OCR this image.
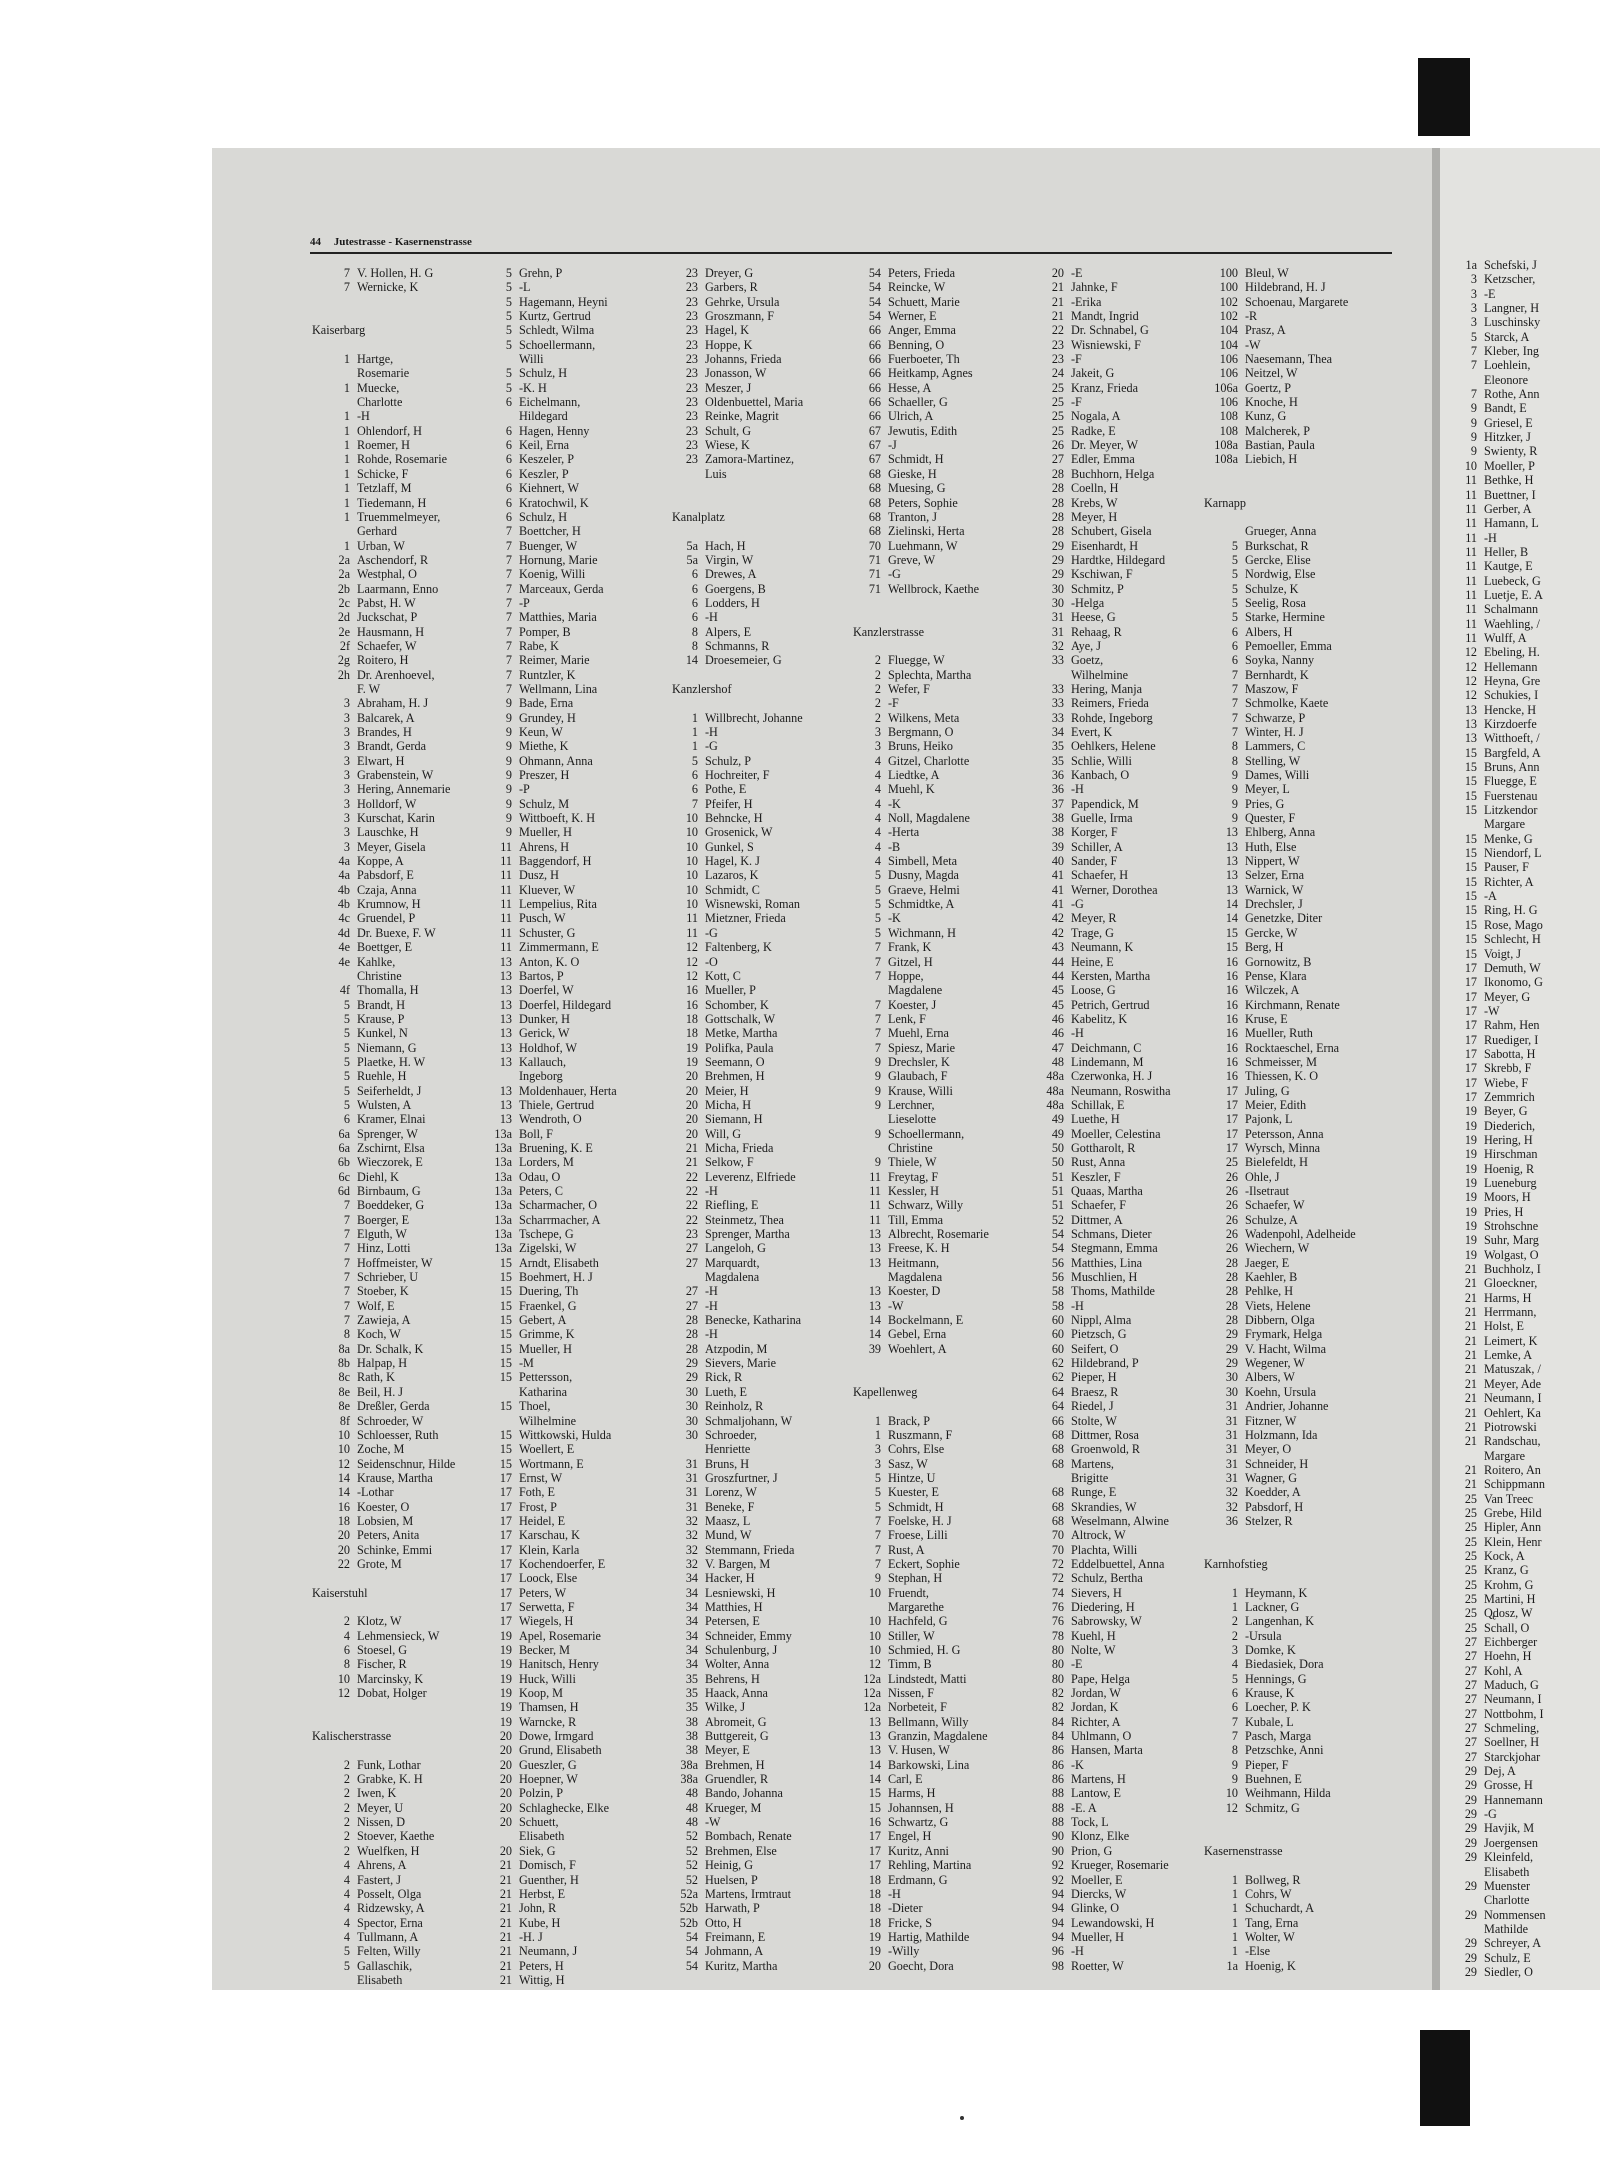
44 Jutestrasse - Kasernenstrasse
7 V. Hollen, H. G
7 Wernicke, K
Kaiserbarg
1 Hartge,
Rosemarie
1 Muecke,
Charlotte
1 -H
1 Ohlendorf, H
1 Roemer, H
1 Rohde, Rosemarie
1 Schicke, F
1 Tetzlaff, M
1 Tiedemann, H
1 Truemmelmeyer,
Gerhard
1 Urban, W
2a Aschendorf, R
2a Westphal, O
2b Laarmann, Enno
2c Pabst, H. W
2d Juckschat, P
2e Hausmann, H
2f Schaefer, W
2g Roitero, H
2h Dr. Arenhoevel,
F. W
3 Abraham, H. J
3 Balcarek, A
3 Brandes, H
3 Brandt, Gerda
3 Elwart, H
3 Grabenstein, W
3 Hering, Annemarie
3 Holldorf, W
3 Kurschat, Karin
3 Lauschke, H
3 Meyer, Gisela
4a Koppe, A
4a Pabsdorf, E
4b Czaja, Anna
4b Krumnow, H
4c Gruendel, P
4d Dr. Buexe, F. W
4e Boettger, E
4e Kahlke,
Christine
4f Thomalla, H
5 Brandt, H
5 Krause, P
5 Kunkel, N
5 Niemann, G
5 Plaetke, H. W
5 Ruehle, H
5 Seiferheldt, J
5 Wulsten, A
6 Kramer, Elnai
6a Sprenger, W
6a Zschirnt, Elsa
6b Wieczorek, E
6c Diehl, K
6d Birnbaum, G
7 Boeddeker, G
7 Boerger, E
7 Elguth, W
7 Hinz, Lotti
7 Hoffmeister, W
7 Schrieber, U
7 Stoeber, K
7 Wolf, E
7 Zawieja, A
8 Koch, W
8a Dr. Schalk, K
8b Halpap, H
8c Rath, K
8e Beil, H. J
8e Dreßler, Gerda
8f Schroeder, W
10 Schloesser, Ruth
10 Zoche, M
12 Seidenschnur, Hilde
14 Krause, Martha
14 -Lothar
16 Koester, O
18 Lobsien, M
20 Peters, Anita
20 Schinke, Emmi
22 Grote, M
Kaiserstuhl
2 Klotz, W
4 Lehmensieck, W
6 Stoesel, G
8 Fischer, R
10 Marcinsky, K
12 Dobat, Holger
Kalischerstrasse
2 Funk, Lothar
2 Grabke, K. H
2 Iwen, K
2 Meyer, U
2 Nissen, D
2 Stoever, Kaethe
2 Wuelfken, H
4 Ahrens, A
4 Fastert, J
4 Posselt, Olga
4 Ridzewsky, A
4 Spector, Erna
4 Tullmann, A
5 Felten, Willy
5 Gallaschik,
Elisabeth
5 Grehn, P
5 -L
5 Hagemann, Heyni
5 Kurtz, Gertrud
5 Schledt, Wilma
5 Schoellermann,
Willi
5 Schulz, H
5 -K. H
6 Eichelmann,
Hildegard
6 Hagen, Henny
6 Keil, Erna
6 Keszeler, P
6 Keszler, P
6 Kiehnert, W
6 Kratochwil, K
6 Schulz, H
7 Boettcher, H
7 Buenger, W
7 Hornung, Marie
7 Koenig, Willi
7 Marceaux, Gerda
7 -P
7 Matthies, Maria
7 Pomper, B
7 Rabe, K
7 Reimer, Marie
7 Runtzler, K
7 Wellmann, Lina
9 Bade, Erna
9 Grundey, H
9 Keun, W
9 Miethe, K
9 Ohmann, Anna
9 Preszer, H
9 -P
9 Schulz, M
9 Wittboeft, K. H
9 Mueller, H
11 Ahrens, H
11 Baggendorf, H
11 Dusz, H
11 Kluever, W
11 Lempelius, Rita
11 Pusch, W
11 Schuster, G
11 Zimmermann, E
13 Anton, K. O
13 Bartos, P
13 Doerfel, W
13 Doerfel, Hildegard
13 Dunker, H
13 Gerick, W
13 Holdhof, W
13 Kallauch,
Ingeborg
13 Moldenhauer, Herta
13 Thiele, Gertrud
13 Wendroth, O
13a Boll, F
13a Bruening, K. E
13a Lorders, M
13a Odau, O
13a Peters, C
13a Scharmacher, O
13a Scharrmacher, A
13a Tschepe, G
13a Zigelski, W
15 Arndt, Elisabeth
15 Boehmert, H. J
15 Duering, Th
15 Fraenkel, G
15 Gebert, A
15 Grimme, K
15 Mueller, H
15 -M
15 Pettersson,
Katharina
15 Thoel,
Wilhelmine
15 Wittkowski, Hulda
15 Woellert, E
15 Wortmann, E
17 Ernst, W
17 Foth, E
17 Frost, P
17 Heidel, E
17 Karschau, K
17 Klein, Karla
17 Kochendoerfer, E
17 Loock, Else
17 Peters, W
17 Serwetta, F
17 Wiegels, H
19 Apel, Rosemarie
19 Becker, M
19 Hanitsch, Henry
19 Huck, Willi
19 Koop, M
19 Thamsen, H
19 Warncke, R
20 Dowe, Irmgard
20 Grund, Elisabeth
20 Gueszler, G
20 Hoepner, W
20 Polzin, P
20 Schlaghecke, Elke
20 Schuett,
Elisabeth
20 Siek, G
21 Domisch, F
21 Guenther, H
21 Herbst, E
21 John, R
21 Kube, H
21 -H. J
21 Neumann, J
21 Peters, H
21 Wittig, H
23 Dreyer, G
23 Garbers, R
23 Gehrke, Ursula
23 Groszmann, F
23 Hagel, K
23 Hoppe, K
23 Johanns, Frieda
23 Jonasson, W
23 Meszer, J
23 Oldenbuettel, Maria
23 Reinke, Magrit
23 Schult, G
23 Wiese, K
23 Zamora-Martinez,
Luis
Kanalplatz
5a Hach, H
5a Virgin, W
6 Drewes, A
6 Goergens, B
6 Lodders, H
6 -H
8 Alpers, E
8 Schmanns, R
14 Droesemeier, G
Kanzlershof
1 Willbrecht, Johanne
1 -H
1 -G
5 Schulz, P
6 Hochreiter, F
6 Pothe, E
7 Pfeifer, H
10 Behncke, H
10 Grosenick, W
10 Gunkel, S
10 Hagel, K. J
10 Lazaros, K
10 Schmidt, C
10 Wisnewski, Roman
11 Mietzner, Frieda
11 -G
12 Faltenberg, K
12 -O
12 Kott, C
16 Mueller, P
16 Schomber, K
18 Gottschalk, W
18 Metke, Martha
19 Polifka, Paula
19 Seemann, O
20 Brehmen, H
20 Meier, H
20 Micha, H
20 Siemann, H
20 Will, G
21 Micha, Frieda
21 Selkow, F
22 Leverenz, Elfriede
22 -H
22 Riefling, E
22 Steinmetz, Thea
23 Sprenger, Martha
27 Langeloh, G
27 Marquardt,
Magdalena
27 -H
27 -H
28 Benecke, Katharina
28 -H
28 Atzpodin, M
29 Sievers, Marie
29 Rick, R
30 Lueth, E
30 Reinholz, R
30 Schmaljohann, W
30 Schroeder,
Henriette
31 Bruns, H
31 Groszfurtner, J
31 Lorenz, W
31 Beneke, F
32 Maasz, L
32 Mund, W
32 Stemmann, Frieda
32 V. Bargen, M
34 Hacker, H
34 Lesniewski, H
34 Matthies, H
34 Petersen, E
34 Schneider, Emmy
34 Schulenburg, J
34 Wolter, Anna
35 Behrens, H
35 Haack, Anna
35 Wilke, J
38 Abromeit, G
38 Buttgereit, G
38 Meyer, E
38a Brehmen, H
38a Gruendler, R
48 Bando, Johanna
48 Krueger, M
48 -W
52 Bombach, Renate
52 Brehmen, Else
52 Heinig, G
52 Huelsen, P
52a Martens, Irmtraut
52b Harwath, P
52b Otto, H
54 Freimann, E
54 Johmann, A
54 Kuritz, Martha
54 Peters, Frieda
54 Reincke, W
54 Schuett, Marie
54 Werner, E
66 Anger, Emma
66 Benning, O
66 Fuerboeter, Th
66 Heitkamp, Agnes
66 Hesse, A
66 Schaeller, G
66 Ulrich, A
67 Jewutis, Edith
67 -J
67 Schmidt, H
68 Gieske, H
68 Muesing, G
68 Peters, Sophie
68 Tranton, J
68 Zielinski, Herta
70 Luehmann, W
71 Greve, W
71 -G
71 Wellbrock, Kaethe
Kanzlerstrasse
2 Fluegge, W
2 Splechta, Martha
2 Wefer, F
2 -F
2 Wilkens, Meta
3 Bergmann, O
3 Bruns, Heiko
4 Gitzel, Charlotte
4 Liedtke, A
4 Muehl, K
4 -K
4 Noll, Magdalene
4 -Herta
4 -B
4 Simbell, Meta
5 Dusny, Magda
5 Graeve, Helmi
5 Schmidtke, A
5 -K
5 Wichmann, H
7 Frank, K
7 Gitzel, H
7 Hoppe,
Magdalene
7 Koester, J
7 Lenk, F
7 Muehl, Erna
7 Spiesz, Marie
9 Drechsler, K
9 Glaubach, F
9 Krause, Willi
9 Lerchner,
Lieselotte
9 Schoellermann,
Christine
9 Thiele, W
11 Freytag, F
11 Kessler, H
11 Schwarz, Willy
11 Till, Emma
13 Albrecht, Rosemarie
13 Freese, K. H
13 Heitmann,
Magdalena
13 Koester, D
13 -W
14 Bockelmann, E
14 Gebel, Erna
39 Woehlert, A
Kapellenweg
1 Brack, P
1 Ruszmann, F
3 Cohrs, Else
3 Sasz, W
5 Hintze, U
5 Kuester, E
5 Schmidt, H
7 Foelske, H. J
7 Froese, Lilli
7 Rust, A
7 Eckert, Sophie
9 Stephan, H
10 Fruendt,
Margarethe
10 Hachfeld, G
10 Stiller, W
10 Schmied, H. G
12 Timm, B
12a Lindstedt, Matti
12a Nissen, F
12a Norbeteit, F
13 Bellmann, Willy
13 Granzin, Magdalene
13 V. Husen, W
14 Barkowski, Lina
14 Carl, E
15 Harms, H
15 Johannsen, H
16 Schwartz, G
17 Engel, H
17 Kuritz, Anni
17 Rehling, Martina
18 Erdmann, G
18 -H
18 -Dieter
18 Fricke, S
19 Hartig, Mathilde
19 -Willy
20 Goecht, Dora
20 -E
21 Jahnke, F
21 -Erika
21 Mandt, Ingrid
22 Dr. Schnabel, G
23 Wisniewski, F
23 -F
24 Jakeit, G
25 Kranz, Frieda
25 -F
25 Nogala, A
25 Radke, E
26 Dr. Meyer, W
27 Edler, Emma
28 Buchhorn, Helga
28 Coelln, H
28 Krebs, W
28 Meyer, H
28 Schubert, Gisela
29 Eisenhardt, H
29 Hardtke, Hildegard
29 Kschiwan, F
30 Schmitz, P
30 -Helga
31 Heese, G
31 Rehaag, R
32 Aye, J
33 Goetz,
Wilhelmine
33 Hering, Manja
33 Reimers, Frieda
33 Rohde, Ingeborg
34 Evert, K
35 Oehlkers, Helene
35 Schlie, Willi
36 Kanbach, O
36 -H
37 Papendick, M
38 Guelle, Irma
38 Korger, F
39 Schiller, A
40 Sander, F
41 Schaefer, H
41 Werner, Dorothea
41 -G
42 Meyer, R
42 Trage, G
43 Neumann, K
44 Heine, E
44 Kersten, Martha
45 Loose, G
45 Petrich, Gertrud
46 Kabelitz, K
46 -H
47 Deichmann, C
48 Lindemann, M
48a Czerwonka, H. J
48a Neumann, Roswitha
48a Schillak, E
49 Luethe, H
49 Moeller, Celestina
50 Gottharolt, R
50 Rust, Anna
51 Keszler, F
51 Quaas, Martha
51 Schaefer, F
52 Dittmer, A
54 Schmans, Dieter
54 Stegmann, Emma
56 Matthies, Lina
56 Muschlien, H
58 Thoms, Mathilde
58 -H
60 Nippl, Alma
60 Pietzsch, G
60 Seifert, O
62 Hildebrand, P
62 Pieper, H
64 Braesz, R
64 Riedel, J
66 Stolte, W
68 Dittmer, Rosa
68 Groenwold, R
68 Martens,
Brigitte
68 Runge, E
68 Skrandies, W
68 Weselmann, Alwine
70 Altrock, W
70 Plachta, Willi
72 Eddelbuettel, Anna
72 Schulz, Bertha
74 Sievers, H
76 Diedering, H
76 Sabrowsky, W
78 Kuehl, H
80 Nolte, W
80 -E
80 Pape, Helga
82 Jordan, W
82 Jordan, K
84 Richter, A
84 Uhlmann, O
86 Hansen, Marta
86 -K
86 Martens, H
88 Lantow, E
88 -E. A
88 Tock, L
90 Klonz, Elke
90 Prion, G
92 Krueger, Rosemarie
92 Moeller, E
94 Diercks, W
94 Glinke, O
94 Lewandowski, H
94 Mueller, H
96 -H
98 Roetter, W
100 Bleul, W
100 Hildebrand, H. J
102 Schoenau, Margarete
102 -R
104 Prasz, A
104 -W
106 Naesemann, Thea
106 Neitzel, W
106a Goertz, P
106 Knoche, H
108 Kunz, G
108 Malcherek, P
108a Bastian, Paula
108a Liebich, H
Karnapp
Grueger, Anna
5 Burkschat, R
5 Gercke, Elise
5 Nordwig, Else
5 Schulze, K
5 Seelig, Rosa
5 Starke, Hermine
6 Albers, H
6 Pemoeller, Emma
6 Soyka, Nanny
7 Bernhardt, K
7 Maszow, F
7 Schmolke, Kaete
7 Schwarze, P
7 Winter, H. J
8 Lammers, C
8 Stelling, W
9 Dames, Willi
9 Meyer, L
9 Pries, G
9 Quester, F
13 Ehlberg, Anna
13 Huth, Else
13 Nippert, W
13 Selzer, Erna
13 Warnick, W
14 Drechsler, J
14 Genetzke, Diter
15 Gercke, W
15 Berg, H
16 Gornowitz, B
16 Pense, Klara
16 Wilczek, A
16 Kirchmann, Renate
16 Kruse, E
16 Mueller, Ruth
16 Rocktaeschel, Erna
16 Schmeisser, M
16 Thiessen, K. O
17 Juling, G
17 Meier, Edith
17 Pajonk, L
17 Petersson, Anna
17 Wyrsch, Minna
25 Bielefeldt, H
26 Ohle, J
26 -Ilsetraut
26 Schaefer, W
26 Schulze, A
26 Wadenpohl, Adelheide
26 Wiechern, W
28 Jaeger, E
28 Kaehler, B
28 Pehlke, H
28 Viets, Helene
28 Dibbern, Olga
29 Frymark, Helga
29 V. Hacht, Wilma
29 Wegener, W
30 Albers, W
30 Koehn, Ursula
31 Andrier, Johanne
31 Fitzner, W
31 Holzmann, Ida
31 Meyer, O
31 Schneider, H
31 Wagner, G
32 Koedder, A
32 Pabsdorf, H
36 Stelzer, R
Karnhofstieg
1 Heymann, K
1 Lackner, G
2 Langenhan, K
2 -Ursula
3 Domke, K
4 Biedasiek, Dora
5 Hennings, G
6 Krause, K
6 Loecher, P. K
7 Kubale, L
7 Pasch, Marga
8 Petzschke, Anni
9 Pieper, F
9 Buehnen, E
10 Weihmann, Hilda
12 Schmitz, G
Kasernenstrasse
1 Bollweg, R
1 Cohrs, W
1 Schuchardt, A
1 Tang, Erna
1 Wolter, W
1 -Else
1a Hoenig, K
1a Schefski, J
3 Ketzscher,
3 -E
3 Langner, H
3 Luschinsky
5 Starck, A
7 Kleber, Ing
7 Loehlein,
Eleonore
7 Rothe, Ann
9 Bandt, E
9 Griesel, E
9 Hitzker, J
9 Swienty, R
10 Moeller, P
11 Bethke, H
11 Buettner, I
11 Gerber, A
11 Hamann, L
11 -H
11 Heller, B
11 Kautge, E
11 Luebeck, G
11 Luetje, E. A
11 Schalmann
11 Waehling, /
11 Wulff, A
12 Ebeling, H.
12 Hellemann
12 Heyna, Gre
12 Schukies, I
13 Hencke, H
13 Kirzdoerfe
13 Witthoeft, /
15 Bargfeld, A
15 Bruns, Ann
15 Fluegge, E
15 Fuerstenau
15 Litzkendor
Margare
15 Menke, G
15 Niendorf, L
15 Pauser, F
15 Richter, A
15 -A
15 Ring, H. G
15 Rose, Mago
15 Schlecht, H
15 Voigt, J
17 Demuth, W
17 Ikonomo, G
17 Meyer, G
17 -W
17 Rahm, Hen
17 Ruediger, I
17 Sabotta, H
17 Skrebb, F
17 Wiebe, F
17 Zemmrich
19 Beyer, G
19 Diederich,
19 Hering, H
19 Hirschman
19 Hoenig, R
19 Lueneburg
19 Moors, H
19 Pries, H
19 Strohschne
19 Suhr, Marg
19 Wolgast, O
21 Buchholz, I
21 Gloeckner,
21 Harms, H
21 Herrmann,
21 Holst, E
21 Leimert, K
21 Lemke, A
21 Matuszak, /
21 Meyer, Ade
21 Neumann, I
21 Oehlert, Ka
21 Piotrowski
21 Randschau,
Margare
21 Roitero, An
21 Schippmann
25 Van Treec
25 Grebe, Hild
25 Hipler, Ann
25 Klein, Henr
25 Kock, A
25 Kranz, G
25 Krohm, G
25 Martini, H
25 Q̢dosz, W
25 Schall, O
27 Eichberger
27 Hoehn, H
27 Kohl, A
27 Maduch, G
27 Neumann, I
27 Nottbohm, I
27 Schmeling,
27 Soellner, H
27 Starckjohar
29 Dej, A
29 Grosse, H
29 Hannemann
29 -G
29 Havjik, M
29 Joergensen
29 Kleinfeld,
Elisabeth
29 Muenster
Charlotte
29 Nommensen
Mathilde
29 Schreyer, A
29 Schulz, E
29 Siedler, O
